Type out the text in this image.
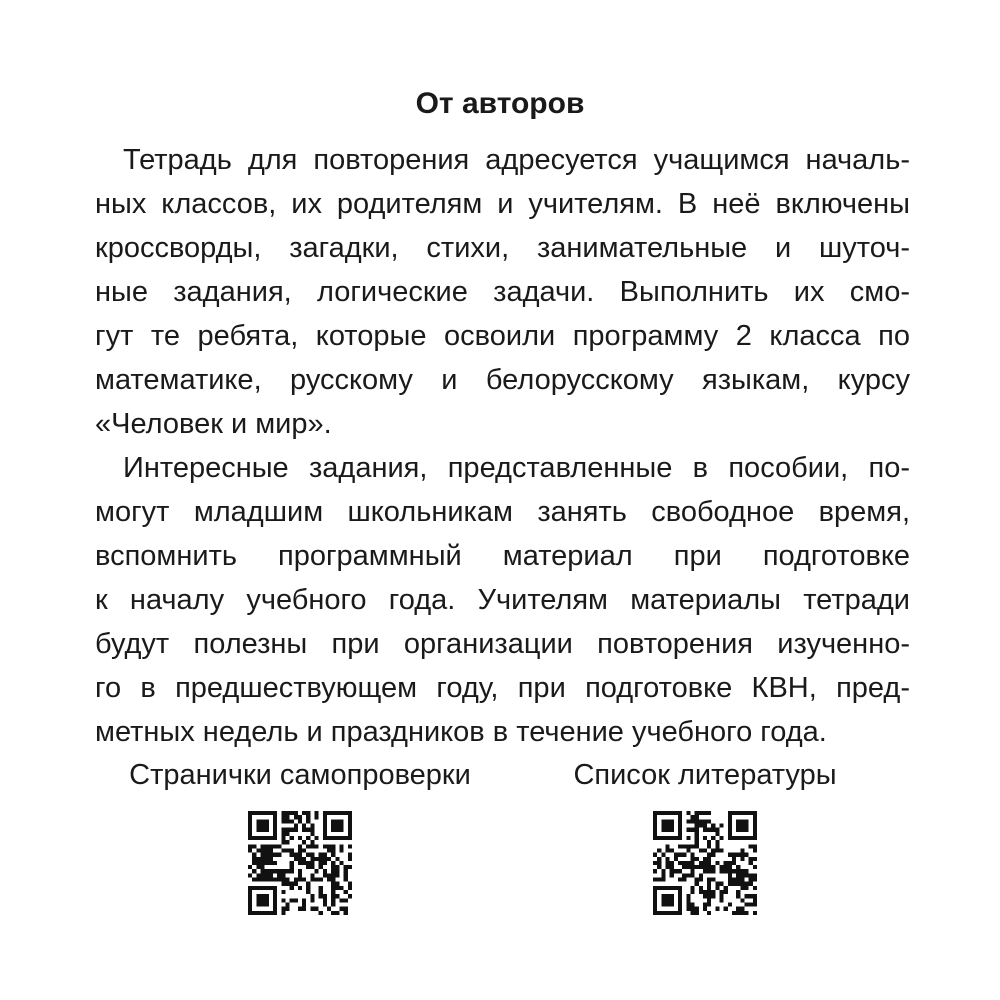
От авторов
Тетрадь для повторения адресуется учащимся началь-
ных классов, их родителям и учителям. В неё включены
кроссворды, загадки, стихи, занимательные и шуточ-
ные задания, логические задачи. Выполнить их смо-
гут те ребята, которые освоили программу 2 класса по
математике, русскому и белорусскому языкам, курсу
«Человек и мир».
Интересные задания, представленные в пособии, по-
могут младшим школьникам занять свободное время,
вспомнить программный материал при подготовке
к началу учебного года. Учителям материалы тетради
будут полезны при организации повторения изученно-
го в предшествующем году, при подготовке КВН, пред-
метных недель и праздников в течение учебного года.
Странички самопроверки	Список литературы
